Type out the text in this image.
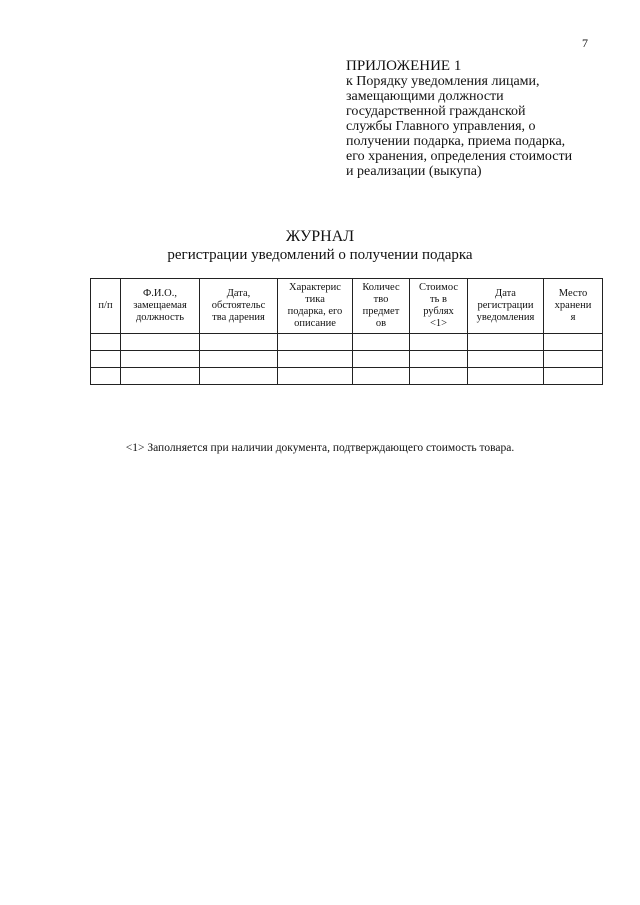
7
ПРИЛОЖЕНИЕ 1
к Порядку уведомления лицами,
замещающими должности
государственной гражданской
службы Главного управления, о
получении подарка, приема подарка,
его хранения, определения стоимости
и реализации (выкупа)
ЖУРНАЛ
регистрации уведомлений о получении подарка
п/п	Ф.И.О.,
замещаемая
должность	Дата,
обстоятельс
тва дарения	Характерис
тика
подарка, его
описание	Количес
тво
предмет
ов	Стоимос
ть в
рублях
<1>	Дата
регистрации
уведомления	Место
хранени
я

<1> Заполняется при наличии документа, подтверждающего стоимость товара.
